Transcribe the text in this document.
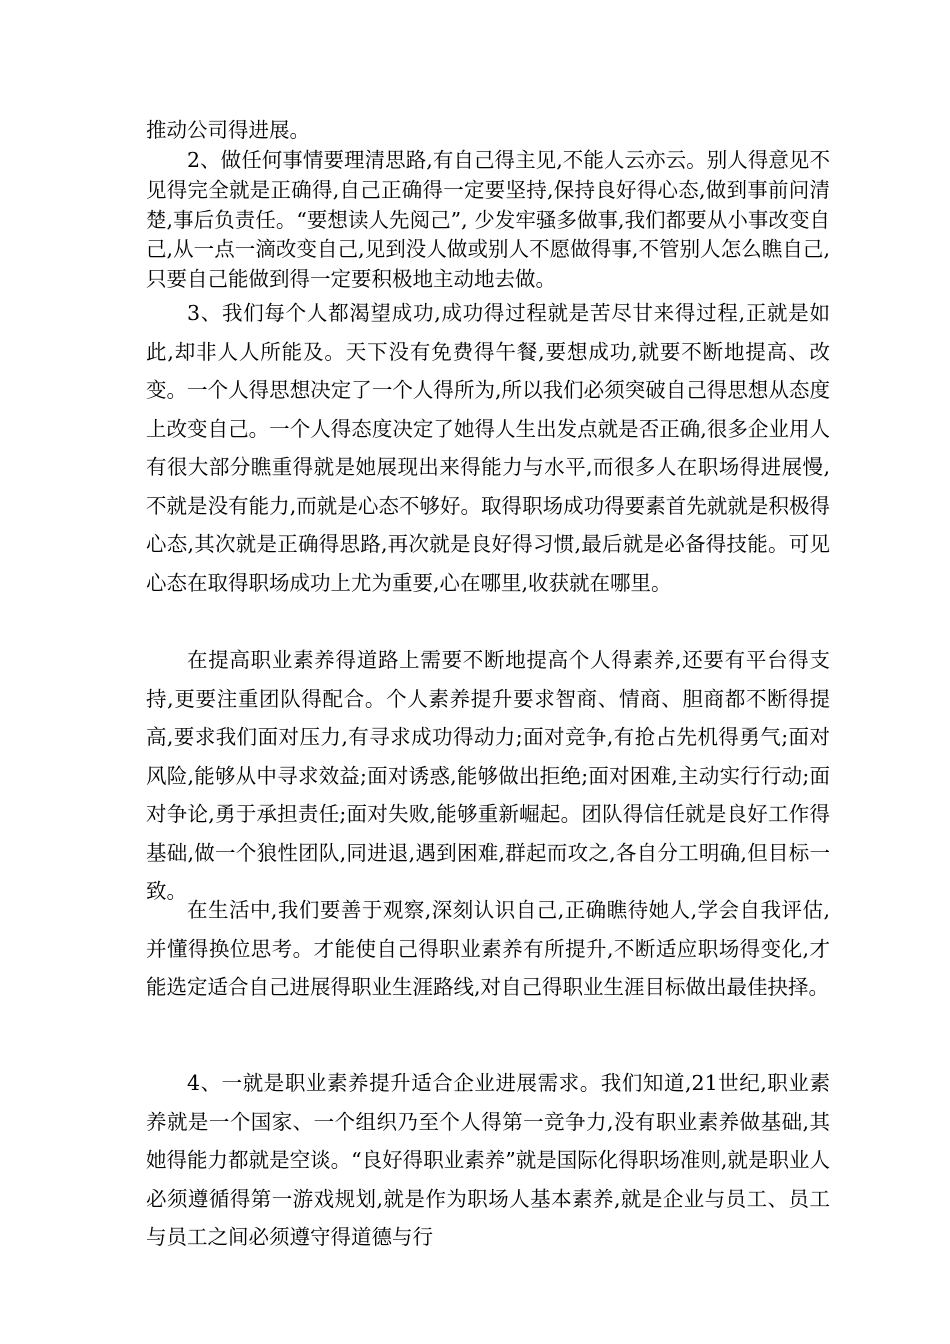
推动公司得进展。

2、做任何事情要理清思路,有自己得主见,不能人云亦云。别人得意见不见得完全就是正确得,自己正确得一定要坚持,保持良好得心态,做到事前问清楚,事后负责任。“要想读人先阅己”, 少发牢骚多做事,我们都要从小事改变自己,从一点一滴改变自己,见到没人做或别人不愿做得事,不管别人怎么瞧自己,只要自己能做到得一定要积极地主动地去做。

3、我们每个人都渴望成功,成功得过程就是苦尽甘来得过程,正就是如此,却非人人所能及。天下没有免费得午餐,要想成功,就要不断地提高、改变。一个人得思想决定了一个人得所为,所以我们必须突破自己得思想从态度上改变自己。一个人得态度决定了她得人生出发点就是否正确,很多企业用人有很大部分瞧重得就是她展现出来得能力与水平,而很多人在职场得进展慢,不就是没有能力,而就是心态不够好。取得职场成功得要素首先就就是积极得心态,其次就是正确得思路,再次就是良好得习惯,最后就是必备得技能。可见心态在取得职场成功上尤为重要,心在哪里,收获就在哪里。

在提高职业素养得道路上需要不断地提高个人得素养,还要有平台得支持,更要注重团队得配合。个人素养提升要求智商、情商、胆商都不断得提高,要求我们面对压力,有寻求成功得动力;面对竞争,有抢占先机得勇气;面对风险,能够从中寻求效益;面对诱惑,能够做出拒绝;面对困难,主动实行行动;面对争论,勇于承担责任;面对失败,能够重新崛起。团队得信任就是良好工作得基础,做一个狼性团队,同进退,遇到困难,群起而攻之,各自分工明确,但目标一致。

在生活中,我们要善于观察,深刻认识自己,正确瞧待她人,学会自我评估,并懂得换位思考。才能使自己得职业素养有所提升,不断适应职场得变化,才能选定适合自己进展得职业生涯路线,对自己得职业生涯目标做出最佳抉择。

4、一就是职业素养提升适合企业进展需求。我们知道,21世纪,职业素养就是一个国家、一个组织乃至个人得第一竞争力,没有职业素养做基础,其她得能力都就是空谈。“良好得职业素养”就是国际化得职场准则,就是职业人必须遵循得第一游戏规划,就是作为职场人基本素养,就是企业与员工、员工与员工之间必须遵守得道德与行
